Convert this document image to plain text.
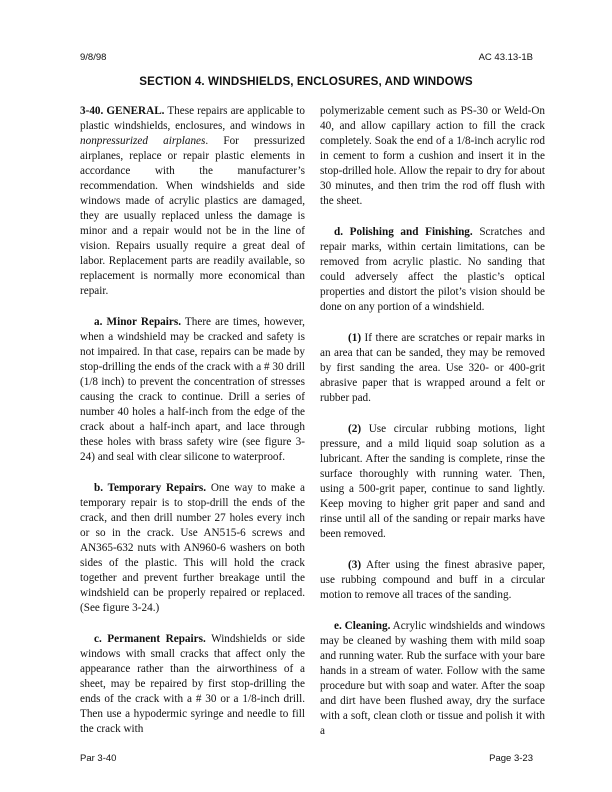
9/8/98	AC 43.13-1B
SECTION 4. WINDSHIELDS, ENCLOSURES, AND WINDOWS

3-40. GENERAL. These repairs are applicable to plastic windshields, enclosures, and windows in nonpressurized airplanes. For pressurized airplanes, replace or repair plastic elements in accordance with the manufacturer’s recommendation. When windshields and side windows made of acrylic plastics are damaged, they are usually replaced unless the damage is minor and a repair would not be in the line of vision. Repairs usually require a great deal of labor. Replacement parts are readily available, so replacement is normally more economical than repair.

a. Minor Repairs. There are times, however, when a windshield may be cracked and safety is not impaired. In that case, repairs can be made by stop-drilling the ends of the crack with a # 30 drill (1/8 inch) to prevent the concentration of stresses causing the crack to continue. Drill a series of number 40 holes a half-inch from the edge of the crack about a half-inch apart, and lace through these holes with brass safety wire (see figure 3-24) and seal with clear silicone to waterproof.

b. Temporary Repairs. One way to make a temporary repair is to stop-drill the ends of the crack, and then drill number 27 holes every inch or so in the crack. Use AN515-6 screws and AN365-632 nuts with AN960-6 washers on both sides of the plastic. This will hold the crack together and prevent further breakage until the windshield can be properly repaired or replaced. (See figure 3-24.)

c. Permanent Repairs. Windshields or side windows with small cracks that affect only the appearance rather than the airworthiness of a sheet, may be repaired by first stop-drilling the ends of the crack with a # 30 or a 1/8-inch drill. Then use a hypodermic syringe and needle to fill the crack with

polymerizable cement such as PS-30 or Weld-On 40, and allow capillary action to fill the crack completely. Soak the end of a 1/8-inch acrylic rod in cement to form a cushion and insert it in the stop-drilled hole. Allow the repair to dry for about 30 minutes, and then trim the rod off flush with the sheet.

d. Polishing and Finishing. Scratches and repair marks, within certain limitations, can be removed from acrylic plastic. No sanding that could adversely affect the plastic’s optical properties and distort the pilot’s vision should be done on any portion of a windshield.

(1) If there are scratches or repair marks in an area that can be sanded, they may be removed by first sanding the area. Use 320- or 400-grit abrasive paper that is wrapped around a felt or rubber pad.

(2) Use circular rubbing motions, light pressure, and a mild liquid soap solution as a lubricant. After the sanding is complete, rinse the surface thoroughly with running water. Then, using a 500-grit paper, continue to sand lightly. Keep moving to higher grit paper and sand and rinse until all of the sanding or repair marks have been removed.

(3) After using the finest abrasive paper, use rubbing compound and buff in a circular motion to remove all traces of the sanding.

e. Cleaning. Acrylic windshields and windows may be cleaned by washing them with mild soap and running water. Rub the surface with your bare hands in a stream of water. Follow with the same procedure but with soap and water. After the soap and dirt have been flushed away, dry the surface with a soft, clean cloth or tissue and polish it with a

Par 3-40	Page 3-23
